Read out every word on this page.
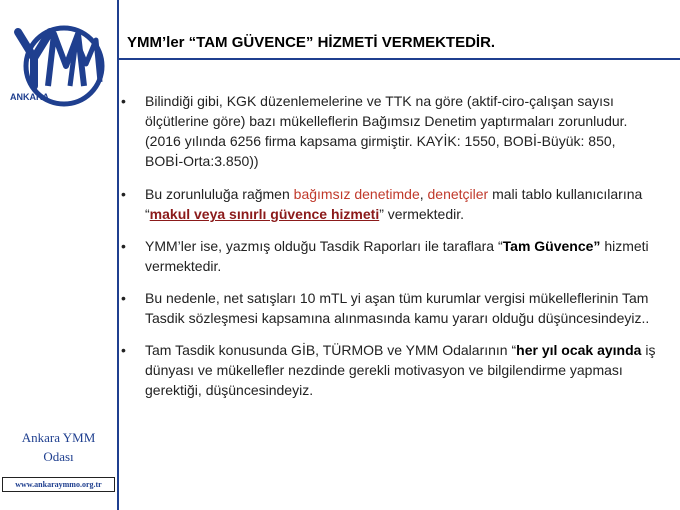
ANKARA
Ankara YMM
Odası
www.ankaraymmo.org.tr
YMM’ler “TAM GÜVENCE” HİZMETİ VERMEKTEDİR.
• Bilindiği gibi, KGK düzenlemelerine ve TTK na göre (aktif-ciro-çalışan sayısı ölçütlerine göre) bazı mükelleflerin Bağımsız Denetim yaptırmaları zorunludur. (2016 yılında 6256 firma kapsama girmiştir. KAYİK: 1550, BOBİ-Büyük: 850, BOBİ-Orta:3.850))
• Bu zorunluluğa rağmen bağımsız denetimde, denetçiler mali tablo kullanıcılarına “makul veya sınırlı güvence hizmeti” vermektedir.
• YMM’ler ise, yazmış olduğu Tasdik Raporları ile taraflara “Tam Güvence” hizmeti vermektedir.
• Bu nedenle, net satışları 10 mTL yi aşan tüm kurumlar vergisi mükelleflerinin Tam Tasdik sözleşmesi kapsamına alınmasında kamu yararı olduğu düşüncesindeyiz..
• Tam Tasdik konusunda GİB, TÜRMOB ve YMM Odalarının “her yıl ocak ayında iş dünyası ve mükellefler nezdinde gerekli motivasyon ve bilgilendirme yapması gerektiği, düşüncesindeyiz.
